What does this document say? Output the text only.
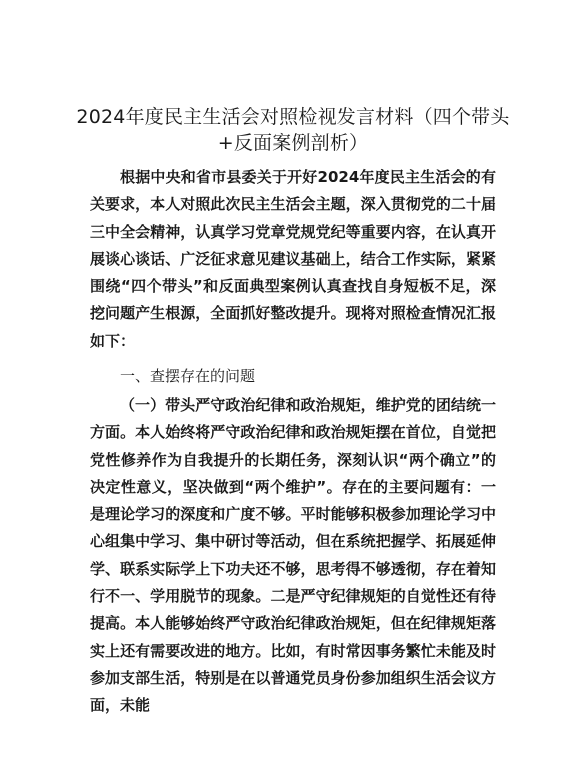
2024年度民主生活会对照检视发言材料（四个带头+反面案例剖析）

根据中央和省市县委关于开好2024年度民主生活会的有关要求，本人对照此次民主生活会主题，深入贯彻党的二十届三中全会精神，认真学习党章党规党纪等重要内容，在认真开展谈心谈话、广泛征求意见建议基础上，结合工作实际，紧紧围绕“四个带头”和反面典型案例认真查找自身短板不足，深挖问题产生根源，全面抓好整改提升。现将对照检查情况汇报如下：

一、查摆存在的问题

（一）带头严守政治纪律和政治规矩，维护党的团结统一方面。本人始终将严守政治纪律和政治规矩摆在首位，自觉把党性修养作为自我提升的长期任务，深刻认识“两个确立”的决定性意义，坚决做到“两个维护”。存在的主要问题有：一是理论学习的深度和广度不够。平时能够积极参加理论学习中心组集中学习、集中研讨等活动，但在系统把握学、拓展延伸学、联系实际学上下功夫还不够，思考得不够透彻，存在着知行不一、学用脱节的现象。二是严守纪律规矩的自觉性还有待提高。本人能够始终严守政治纪律政治规矩，但在纪律规矩落实上还有需要改进的地方。比如，有时常因事务繁忙未能及时参加支部生活，特别是在以普通党员身份参加组织生活会议方面，未能
